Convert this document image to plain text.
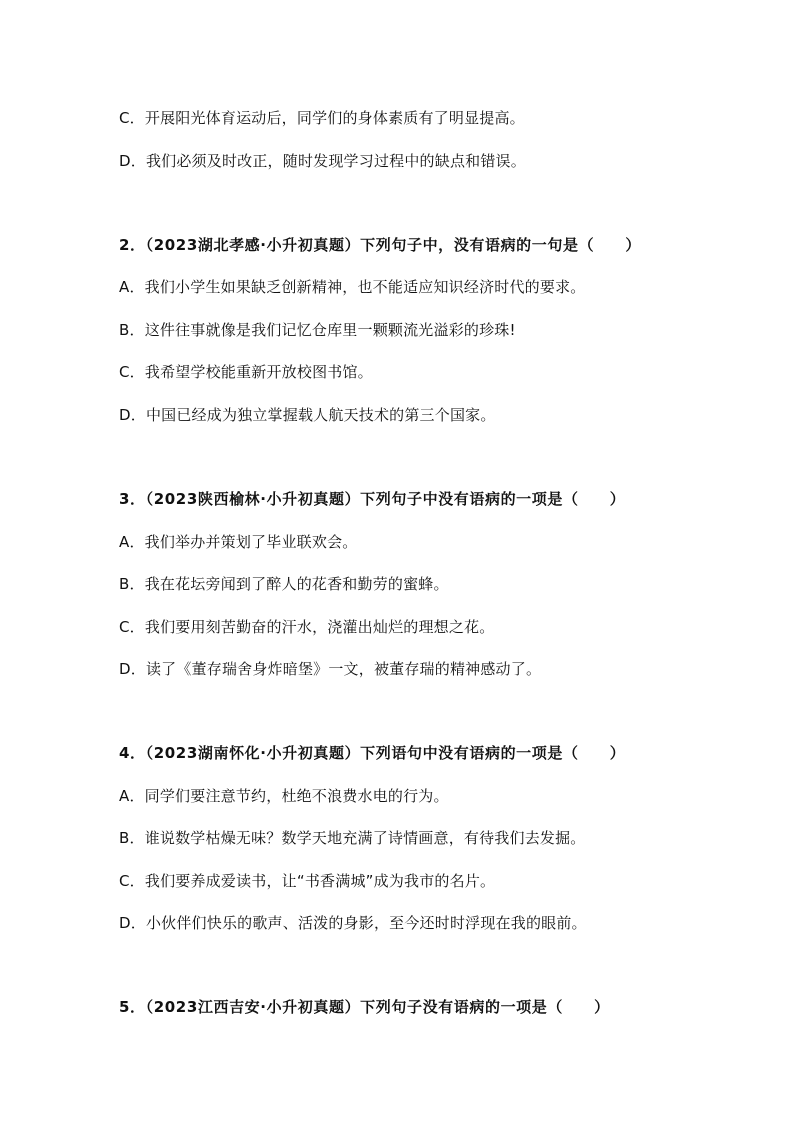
C．开展阳光体育运动后，同学们的身体素质有了明显提高。
D．我们必须及时改正，随时发现学习过程中的缺点和错误。
2．（2023湖北孝感·小升初真题）下列句子中，没有语病的一句是（　　）
A．我们小学生如果缺乏创新精神，也不能适应知识经济时代的要求。
B．这件往事就像是我们记忆仓库里一颗颗流光溢彩的珍珠!
C．我希望学校能重新开放校图书馆。
D．中国已经成为独立掌握载人航天技术的第三个国家。
3．（2023陕西榆林·小升初真题）下列句子中没有语病的一项是（　　）
A．我们举办并策划了毕业联欢会。
B．我在花坛旁闻到了醉人的花香和勤劳的蜜蜂。
C．我们要用刻苦勤奋的汗水，浇灌出灿烂的理想之花。
D．读了《董存瑞舍身炸暗堡》一文，被董存瑞的精神感动了。
4．（2023湖南怀化·小升初真题）下列语句中没有语病的一项是（　　）
A．同学们要注意节约，杜绝不浪费水电的行为。
B．谁说数学枯燥无味？数学天地充满了诗情画意，有待我们去发掘。
C．我们要养成爱读书，让“书香满城”成为我市的名片。
D．小伙伴们快乐的歌声、活泼的身影，至今还时时浮现在我的眼前。
5．（2023江西吉安·小升初真题）下列句子没有语病的一项是（　　）
